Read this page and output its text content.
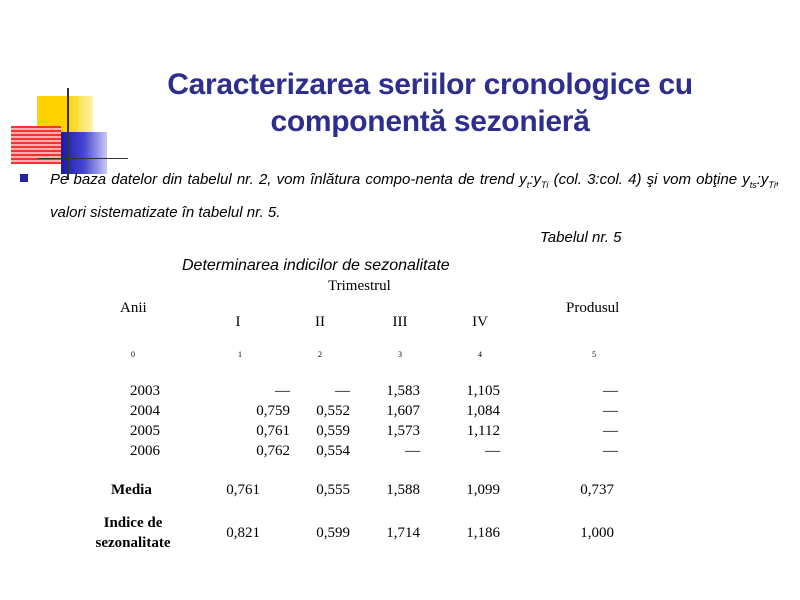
Caracterizarea seriilor cronologice cu
componentă sezonieră
Pe baza datelor din tabelul nr. 2, vom înlătura compo-nenta de trend $y_t:y_{Ti}$ (col. 3:col. 4) şi vom obţine $y_{ts}:y_{Ti}$, valori sistematizate în tabelul nr. 5.
Tabelul nr. 5
Determinarea indicilor de sezonalitate
Anii
Trimestrul
Produsul
I	II	III	IV
0	1	2	3	4	5
2003	—	—	1,583	1,105	—
2004	0,759	0,552	1,607	1,084	—
2005	0,761	0,559	1,573	1,112	—
2006	0,762	0,554	—	—	—
Media	0,761	0,555	1,588	1,099	0,737
Indice de
sezonalitate
0,821	0,599	1,714	1,186	1,000
